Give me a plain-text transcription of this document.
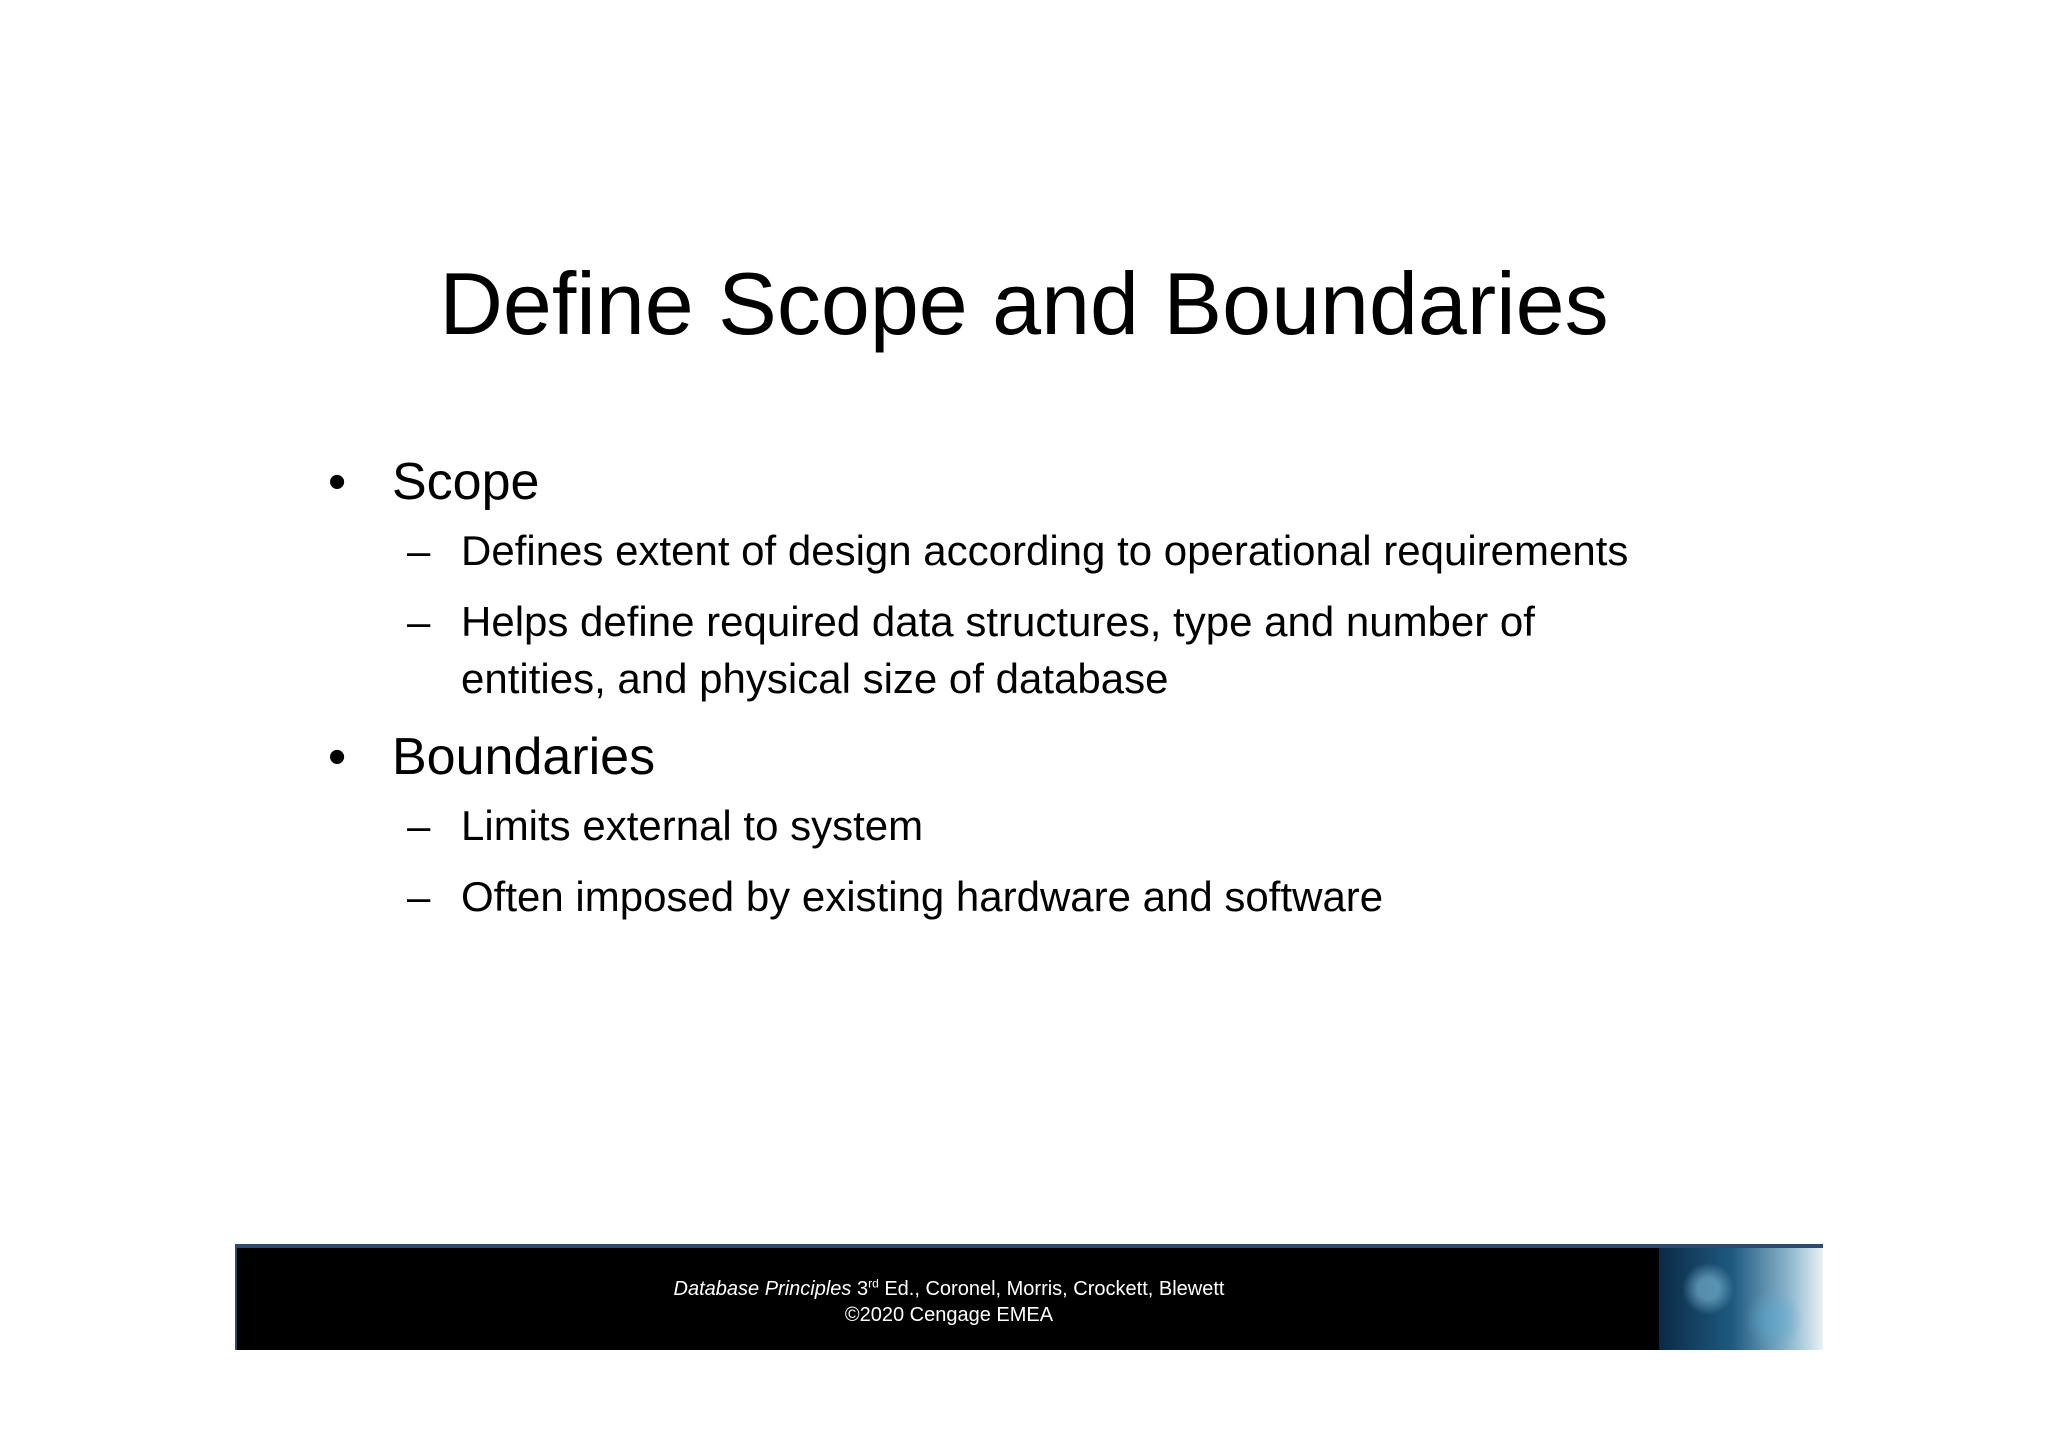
Define Scope and Boundaries
• Scope
– Defines extent of design according to operational requirements
– Helps define required data structures, type and number of
entities, and physical size of database
• Boundaries
– Limits external to system
– Often imposed by existing hardware and software
Database Principles 3rd Ed., Coronel, Morris, Crockett, Blewett
©2020 Cengage EMEA
